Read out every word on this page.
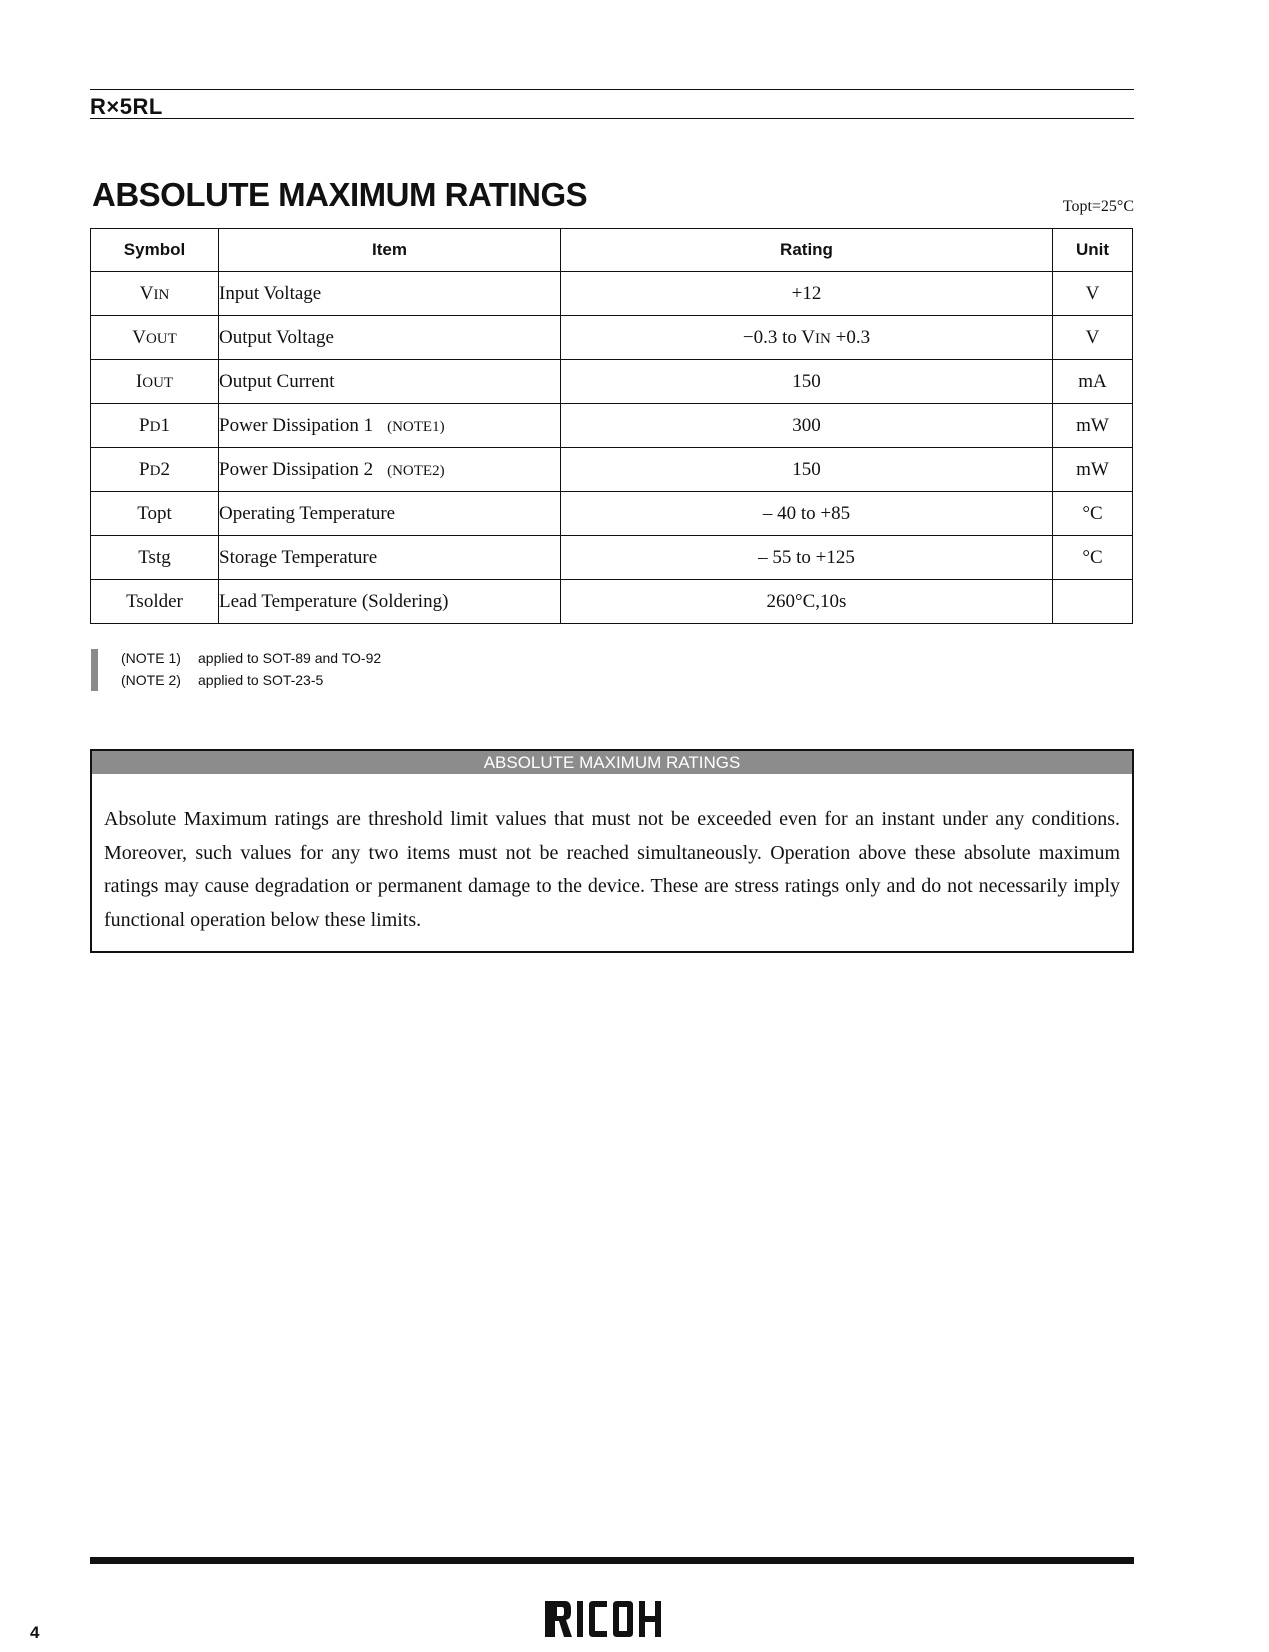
R×5RL
ABSOLUTE MAXIMUM RATINGS	Topt=25°C
Symbol	Item	Rating	Unit
VIN	Input Voltage	+12	V
VOUT	Output Voltage	−0.3 to VIN +0.3	V
IOUT	Output Current	150	mA
PD1	Power Dissipation 1 (NOTE1)	300	mW
PD2	Power Dissipation 2 (NOTE2)	150	mW
Topt	Operating Temperature	– 40 to +85	°C
Tstg	Storage Temperature	– 55 to +125	°C
Tsolder	Lead Temperature (Soldering)	260°C,10s	
(NOTE 1) applied to SOT-89 and TO-92
(NOTE 2) applied to SOT-23-5
ABSOLUTE MAXIMUM RATINGS
Absolute Maximum ratings are threshold limit values that must not be exceeded even for an instant under any conditions. Moreover, such values for any two items must not be reached simultaneously. Operation above these absolute maximum ratings may cause degradation or permanent damage to the device. These are stress ratings only and do not necessarily imply functional operation below these limits.
4
